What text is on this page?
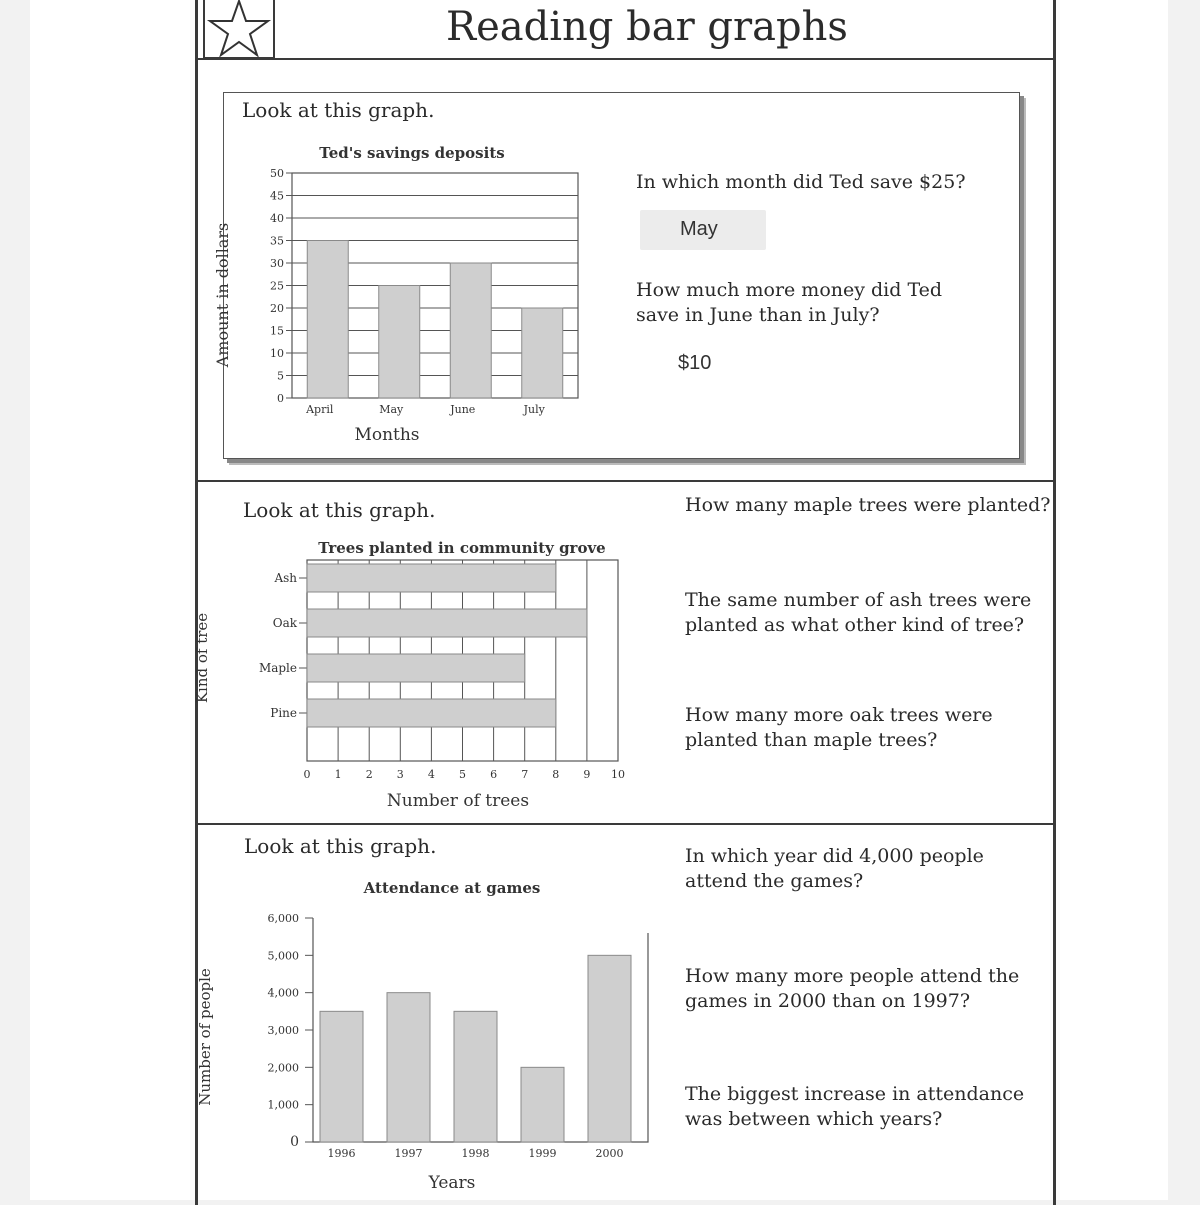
Reading bar graphs
Look at this graph.
In which month did Ted save $25?
May
How much more money did Ted
save in June than in July?
$10
Look at this graph.	How many maple trees were planted?
The same number of ash trees were
planted as what other kind of tree?
How many more oak trees were
planted than maple trees?
Look at this graph.	In which year did 4,000 people
attend the games?
How many more people attend the
games in 2000 than on 1997?
The biggest increase in attendance
was between which years?
Ted's savings deposits
Amount in dollars
Months
0
5
10
15
20
25
30
35
40
45
50
April	May	June	July
Trees planted in community grove
Kind of tree
Number of trees
0 1 2 3 4 5 6 7 8 9 10
Ash
Oak
Maple
Pine
Attendance at games
Number of people
Years
0
1,000
2,000
3,000
4,000
5,000
6,000
1996	1997	1998	1999	2000
